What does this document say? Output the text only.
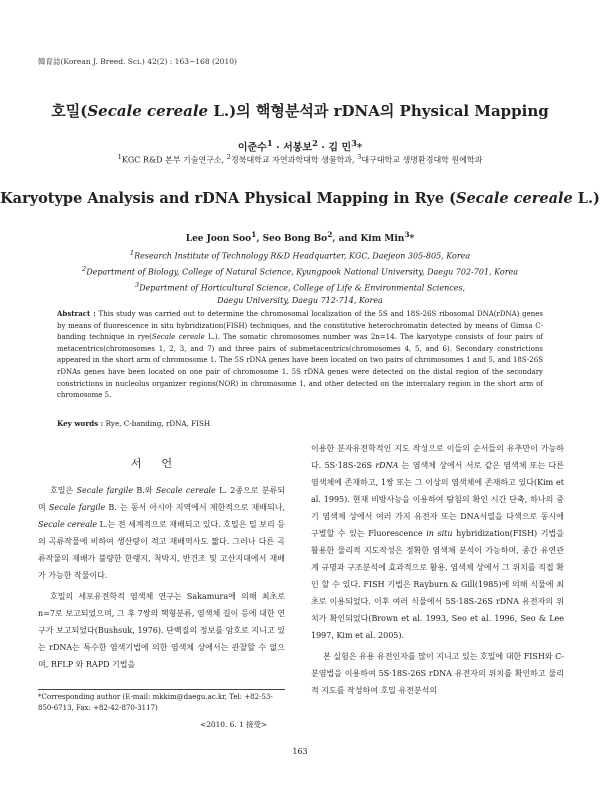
韓育誌(Korean J. Breed. Sci.) 42(2) : 163~168 (2010)
호밀(Secale cereale L.)의 핵형분석과 rDNA의 Physical Mapping
이준수$^1$ · 서봉보$^2$ · 김 민$^3$*
$^1$KGC R&D 본부 기술연구소, $^2$경북대학교 자연과학대학 생물학과, $^3$대구대학교 생명환경대학 원예학과
Karyotype Analysis and rDNA Physical Mapping in Rye (Secale cereale L.)
Lee Joon Soo$^1$, Seo Bong Bo$^2$, and Kim Min$^3$*
$^1$Research Institute of Technology R&D Headquarter, KGC, Daejeon 305-805, Korea
$^2$Department of Biology, College of Natural Science, Kyungpook National University, Daegu 702-701, Korea
$^3$Department of Horticultural Science, College of Life & Environmental Sciences,
Daegu University, Daegu 712-714, Korea
Abstract : This study was carried out to determine the chromosomal localization of the 5S and 18S-26S ribosomal DNA(rDNA) genes by means of fluorescence in situ hybridization(FISH) techniques, and the constitutive heterochromatin detected by means of Gimsa C-banding technique in rye(Secale cereale L.). The somatic chromosomes number was 2n=14. The karyotype consists of four pairs of metacentrics(chromosomes 1, 2, 3, and 7) and three pairs of submetacentrics(chromosomes 4, 5, and 6). Secondary constrictions appeared in the short arm of chromosome 1. The 5S rDNA genes have been located on two pairs of chromosomes 1 and 5, and 18S-26S rDNAs genes have been located on one pair of chromosome 1. 5S rDNA genes were detected on the distal region of the secondary constrictions in nucleolus organizer regions(NOR) in chromosome 1, and other detected on the intercalary region in the short arm of chromosome 5.
Key words : Rye, C-banding, rDNA, FISH
서언

호밀은 Secale fargile B.와 Secale cereale L. 2종으로 분류되며 Secale fargile B. 는 동서 아시아 지역에서 제한적으로 재배되나, Secale cereale L.는 전 세계적으로 재배되고 있다. 호밀은 밀 보리 등의 곡류작물에 비하여 생산량이 적고 재배역사도 짧다. 그러나 다른 곡류작물의 재배가 불량한 한랭지, 척박지, 반건조 및 고산지대에서 재배가 가능한 작물이다.

호밀의 세포유전학적 염색체 연구는 Sakamura에 의해 최초로 n=7로 보고되었으며, 그 후 7쌍의 핵형분류, 염색체 길이 등에 대한 연구가 보고되었다(Bushsuk, 1976). 단백질의 정보를 암호로 지니고 있는 rDNA는 특수한 염색기법에 의한 염색체 상에서는 관찰할 수 없으며, RFLP 와 RAPD 기법을

이용한 분자유전학적인 지도 작성으로 이들의 순서들의 유추만이 가능하다. 5S·18S-26S rDNA 는 염색체 상에서 서로 같은 염색체 또는 다른 염색체에 존재하고, 1쌍 또는 그 이상의 염색체에 존재하고 있다(Kim et al. 1995). 현재 비방사능을 이용하여 탐침의 확인 시간 단축, 하나의 중기 염색체 상에서 여러 가지 유전자 또는 DNA서열을 다색으로 동시에 구별할 수 있는 Fluorescence in situ hybridization(FISH) 기법을 활용한 물리적 지도작성은 정확한 염색체 분석이 가능하며, 종간 유연관계 규명과 구조분석에 효과적으로 활용, 염색체 상에서 그 위치를 직접 확인 할 수 있다. FISH 기법은 Rayburn & Gill(1985)에 의해 식물에 최초로 이용되었다. 이후 여러 식물에서 5S·18S-26S rDNA 유전자의 위치가 확인되었다(Brown et al. 1993, Seo et al. 1996, Seo & Lee 1997, Kim et al. 2005).

본 실험은 유용 유전인자를 많이 지니고 있는 호밀에 대한 FISH와 C-분염법을 이용하여 5S·18S-26S rDNA 유전자의 위치를 확인하고 물리적 지도를 작성하여 호밀 유전분석의

*Corresponding author (E-mail: mkkim@daegu.ac.kr, Tel: +82-53-850-6713, Fax: +82-42-870-3117)
<2010. 6. 1 接受>
163
